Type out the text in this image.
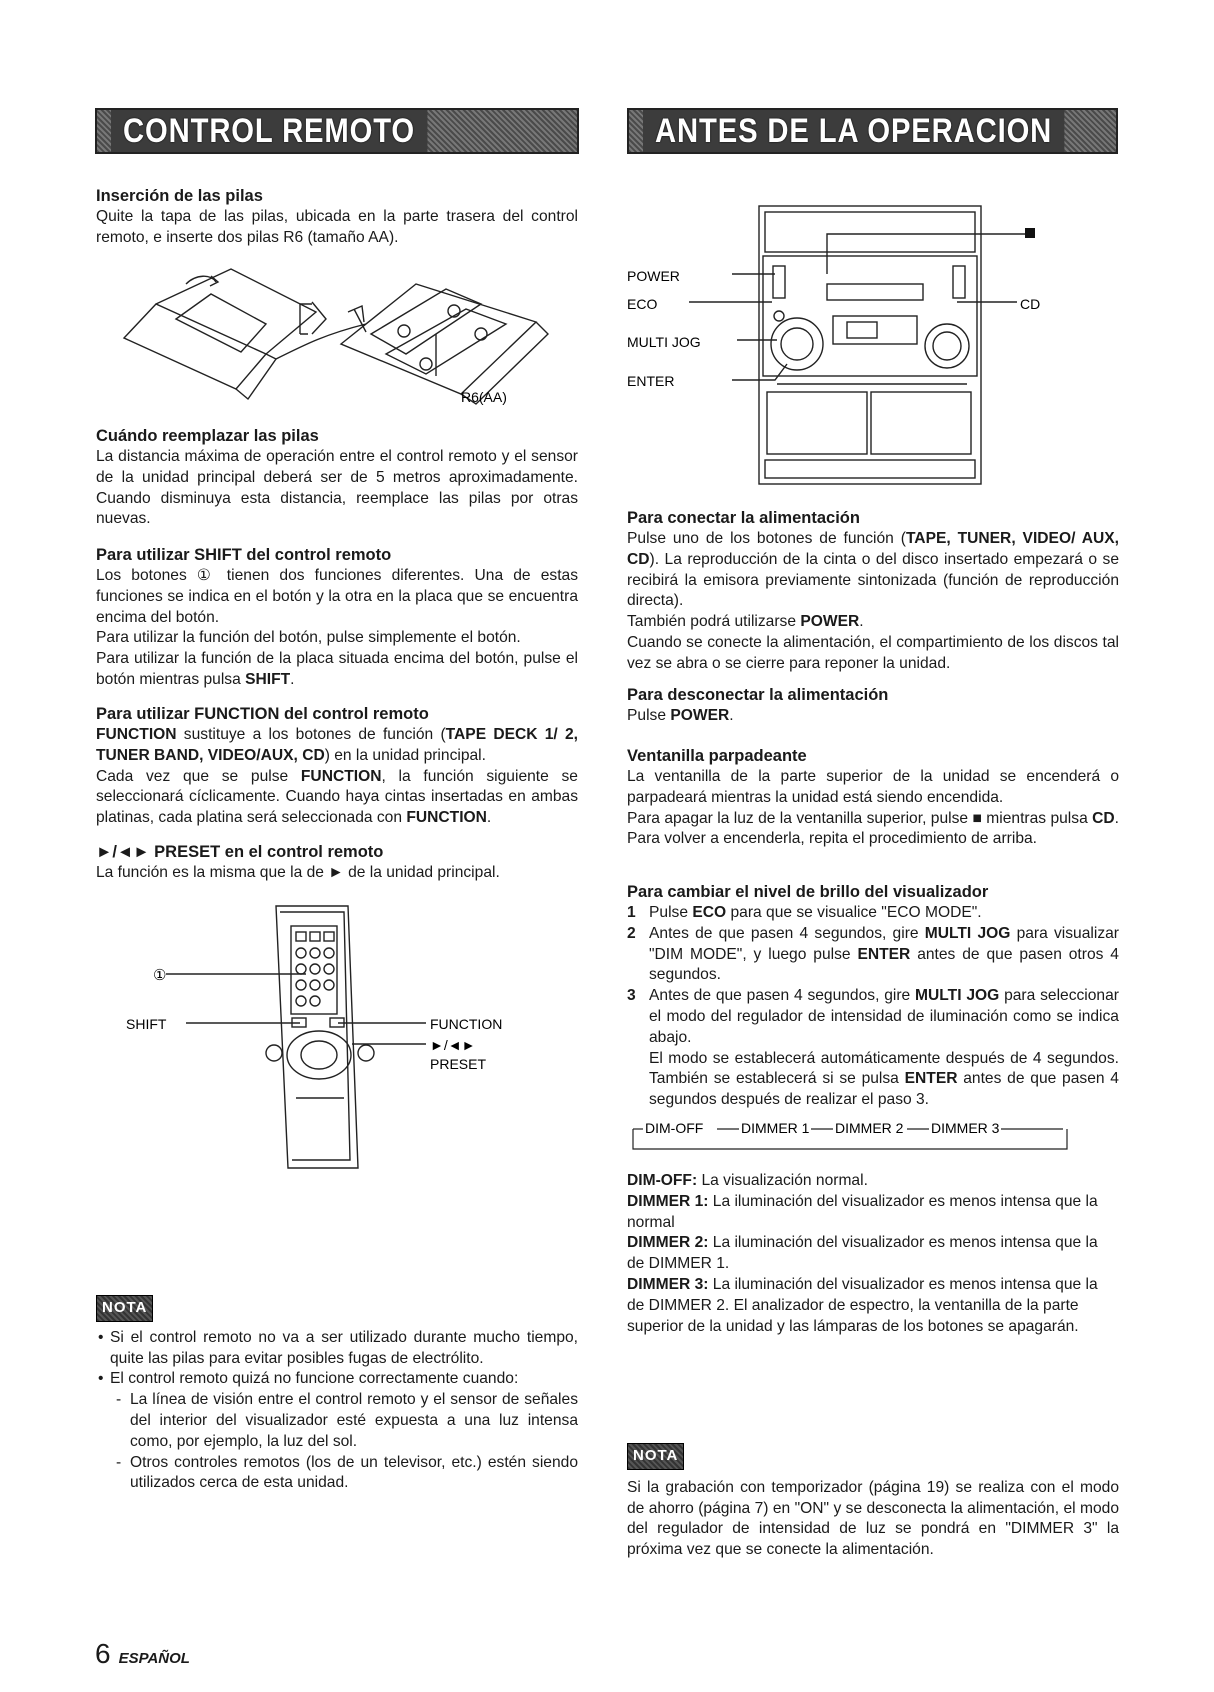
CONTROL REMOTO	ANTES DE LA OPERACION

Inserción de las pilas

Quite la tapa de las pilas, ubicada en la parte trasera del control remoto, e inserte dos pilas R6 (tamaño AA).

R6(AA)

Cuándo reemplazar las pilas

La distancia máxima de operación entre el control remoto y el sensor de la unidad principal deberá ser de 5 metros aproximadamente. Cuando disminuya esta distancia, reemplace las pilas por otras nuevas.

Para utilizar SHIFT del control remoto

Los botones ① tienen dos funciones diferentes. Una de estas funciones se indica en el botón y la otra en la placa que se encuentra encima del botón.

Para utilizar la función del botón, pulse simplemente el botón.

Para utilizar la función de la placa situada encima del botón, pulse el botón mientras pulsa SHIFT.

Para utilizar FUNCTION del control remoto

FUNCTION sustituye a los botones de función (TAPE DECK 1/ 2, TUNER BAND, VIDEO/AUX, CD) en la unidad principal.

Cada vez que se pulse FUNCTION, la función siguiente se seleccionará cíclicamente. Cuando haya cintas insertadas en ambas platinas, cada platina será seleccionada con FUNCTION.

►/◄► PRESET en el control remoto

La función es la misma que la de ► de la unidad principal.

①
SHIFT	FUNCTION
►/◄►
PRESET
NOTA

• Si el control remoto no va a ser utilizado durante mucho tiempo, quite las pilas para evitar posibles fugas de electrólito.

• El control remoto quizá no funcione correctamente cuando:

- La línea de visión entre el control remoto y el sensor de señales del interior del visualizador esté expuesta a una luz intensa como, por ejemplo, la luz del sol.

- Otros controles remotos (los de un televisor, etc.) estén siendo utilizados cerca de esta unidad.

POWER
ECO
MULTI JOG
ENTER
CD

Para conectar la alimentación

Pulse uno de los botones de función (TAPE, TUNER, VIDEO/ AUX, CD). La reproducción de la cinta o del disco insertado empezará o se recibirá la emisora previamente sintonizada (función de reproducción directa).

También podrá utilizarse POWER.

Cuando se conecte la alimentación, el compartimiento de los discos tal vez se abra o se cierre para reponer la unidad.

Para desconectar la alimentación

Pulse POWER.

Ventanilla parpadeante

La ventanilla de la parte superior de la unidad se encenderá o parpadeará mientras la unidad está siendo encendida.

Para apagar la luz de la ventanilla superior, pulse ■ mientras pulsa CD. Para volver a encenderla, repita el procedimiento de arriba.

Para cambiar el nivel de brillo del visualizador

1 Pulse ECO para que se visualice "ECO MODE".

2 Antes de que pasen 4 segundos, gire MULTI JOG para visualizar "DIM MODE", y luego pulse ENTER antes de que pasen otros 4 segundos.

3 Antes de que pasen 4 segundos, gire MULTI JOG para seleccionar el modo del regulador de intensidad de iluminación como se indica abajo.

El modo se establecerá automáticamente después de 4 segundos. También se establecerá si se pulsa ENTER antes de que pasen 4 segundos después de realizar el paso 3.

DIM-OFF	DIMMER 1 DIMMER 2 DIMMER 3

DIM-OFF: La visualización normal.

DIMMER 1: La iluminación del visualizador es menos intensa que la normal

DIMMER 2: La iluminación del visualizador es menos intensa que la de DIMMER 1.

DIMMER 3: La iluminación del visualizador es menos intensa que la de DIMMER 2. El analizador de espectro, la ventanilla de la parte superior de la unidad y las lámparas de los botones se apagarán.

NOTA

Si la grabación con temporizador (página 19) se realiza con el modo de ahorro (página 7) en "ON" y se desconecta la alimentación, el modo del regulador de intensidad de luz se pondrá en "DIMMER 3" la próxima vez que se conecte la alimentación.

6 ESPAÑOL
